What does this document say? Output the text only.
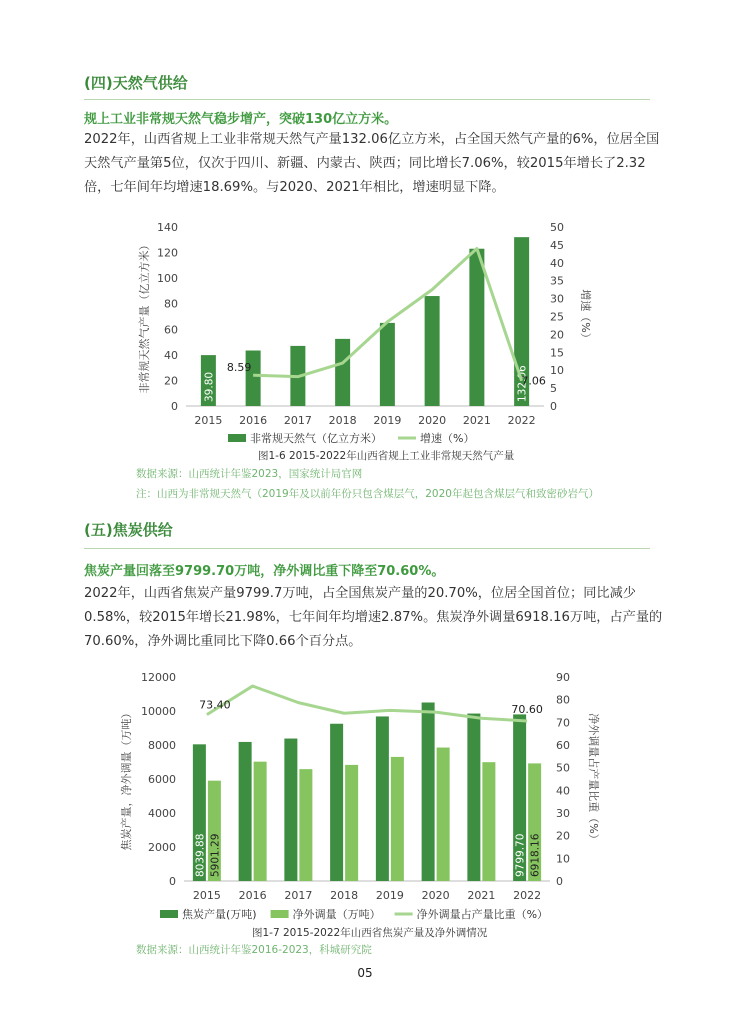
(四)天然气供给
规上工业非常规天然气稳步增产，突破130亿立方米。
2022年，山西省规上工业非常规天然气产量132.06亿立方米，占全国天然气产量的6%，位居全国
天然气产量第5位，仅次于四川、新疆、内蒙古、陕西；同比增长7.06%，较2015年增长了2.32
倍，七年间年均增速18.69%。与2020、2021年相比，增速明显下降。
0
20
40
60
80
100
120
140
0
5
10
15
20
25
30
35
40
45
50
2015 2016 2017 2018 2019 2020 2021 2022
非常规天然气产量（亿立方米）	增速（%）
39.80	132.06
8.59
7.06
非常规天然气（亿立方米）	增速（%）
图1-6 2015-2022年山西省规上工业非常规天然气产量
数据来源：山西统计年鉴2023，国家统计局官网
注：山西为非常规天然气（2019年及以前年份只包含煤层气，2020年起包含煤层气和致密砂岩气）
(五)焦炭供给
焦炭产量回落至9799.70万吨，净外调比重下降至70.60%。
2022年，山西省焦炭产量9799.7万吨，占全国焦炭产量的20.70%，位居全国首位；同比减少
0.58%，较2015年增长21.98%，七年间年均增速2.87%。焦炭净外调量6918.16万吨，占产量的
70.60%，净外调比重同比下降0.66个百分点。
0
2000
4000
6000
8000
10000
12000
0
10
20
30
40
50
60
70
80
90
2015 2016 2017 2018 2019 2020 2021 2022
焦炭产量，净外调量（万吨）	净外调量占产量比重（%）
8039.88	9799.70
5901.29	6918.16
73.40	70.60
焦炭产量(万吨)	净外调量（万吨）	净外调量占产量比重（%）
图1-7 2015-2022年山西省焦炭产量及净外调情况
数据来源：山西统计年鉴2016-2023，科城研究院
05
